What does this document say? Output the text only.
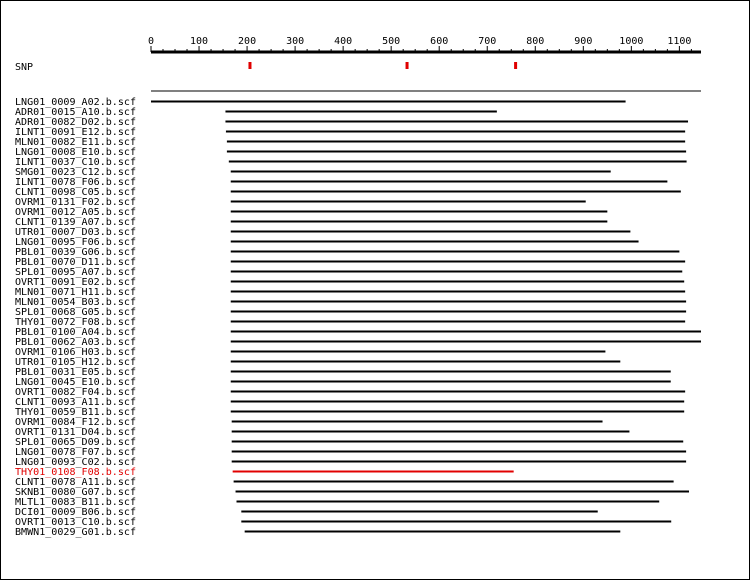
0	100	200	300	400	500	600	700	800	900	1000 1100
SNP
LNG01_0009_A02.b.scf
ADR01_0015_A10.b.scf
ADR01_0082_D02.b.scf
ILNT1_0091_E12.b.scf
MLN01_0082_E11.b.scf
LNG01_0008_E10.b.scf
ILNT1_0037_C10.b.scf
SMG01_0023_C12.b.scf
ILNT1_0078_F06.b.scf
CLNT1_0098_C05.b.scf
OVRM1_0131_F02.b.scf
OVRM1_0012_A05.b.scf
CLNT1_0139_A07.b.scf
UTR01_0007_D03.b.scf
LNG01_0095_F06.b.scf
PBL01_0039_G06.b.scf
PBL01_0070_D11.b.scf
SPL01_0095_A07.b.scf
OVRT1_0091_E02.b.scf
MLN01_0071_H11.b.scf
MLN01_0054_B03.b.scf
SPL01_0068_G05.b.scf
THY01_0072_F08.b.scf
PBL01_0100_A04.b.scf
PBL01_0062_A03.b.scf
OVRM1_0106_H03.b.scf
UTR01_0105_H12.b.scf
PBL01_0031_E05.b.scf
LNG01_0045_E10.b.scf
OVRT1_0082_F04.b.scf
CLNT1_0093_A11.b.scf
THY01_0059_B11.b.scf
OVRM1_0084_F12.b.scf
OVRT1_0131_D04.b.scf
SPL01_0065_D09.b.scf
LNG01_0078_F07.b.scf
LNG01_0093_C02.b.scf
THY01_0108_F08.b.scf
CLNT1_0078_A11.b.scf
SKNB1_0080_G07.b.scf
MLTL1_0083_B11.b.scf
DCI01_0009_B06.b.scf
OVRT1_0013_C10.b.scf
BMWN1_0029_G01.b.scf
